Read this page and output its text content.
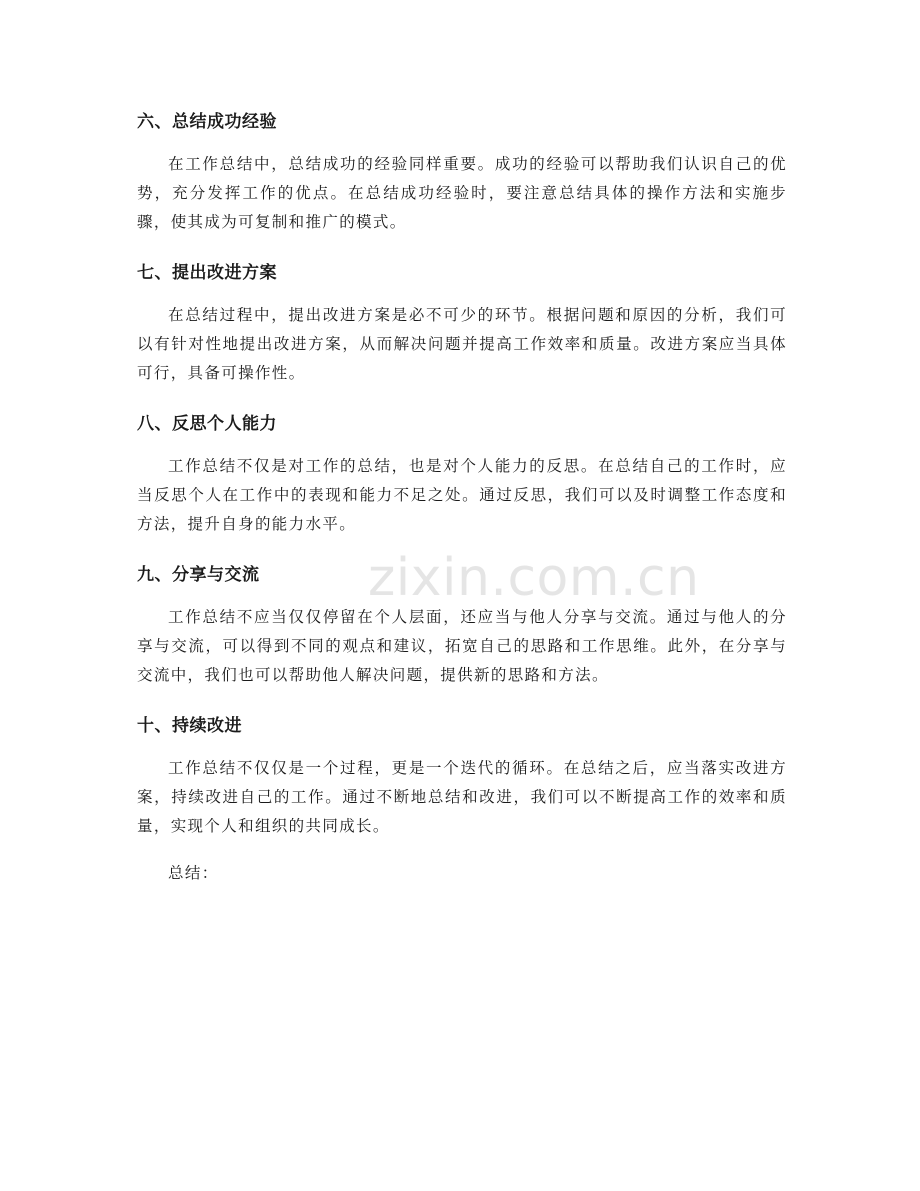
六、总结成功经验

在工作总结中，总结成功的经验同样重要。成功的经验可以帮助我们认识自己的优势，充分发挥工作的优点。在总结成功经验时，要注意总结具体的操作方法和实施步骤，使其成为可复制和推广的模式。

七、提出改进方案

在总结过程中，提出改进方案是必不可少的环节。根据问题和原因的分析，我们可以有针对性地提出改进方案，从而解决问题并提高工作效率和质量。改进方案应当具体可行，具备可操作性。

八、反思个人能力

工作总结不仅是对工作的总结，也是对个人能力的反思。在总结自己的工作时，应当反思个人在工作中的表现和能力不足之处。通过反思，我们可以及时调整工作态度和方法，提升自身的能力水平。

九、分享与交流

工作总结不应当仅仅停留在个人层面，还应当与他人分享与交流。通过与他人的分享与交流，可以得到不同的观点和建议，拓宽自己的思路和工作思维。此外，在分享与交流中，我们也可以帮助他人解决问题，提供新的思路和方法。

十、持续改进

工作总结不仅仅是一个过程，更是一个迭代的循环。在总结之后，应当落实改进方案，持续改进自己的工作。通过不断地总结和改进，我们可以不断提高工作的效率和质量，实现个人和组织的共同成长。

总结：

zixin.com.cn
